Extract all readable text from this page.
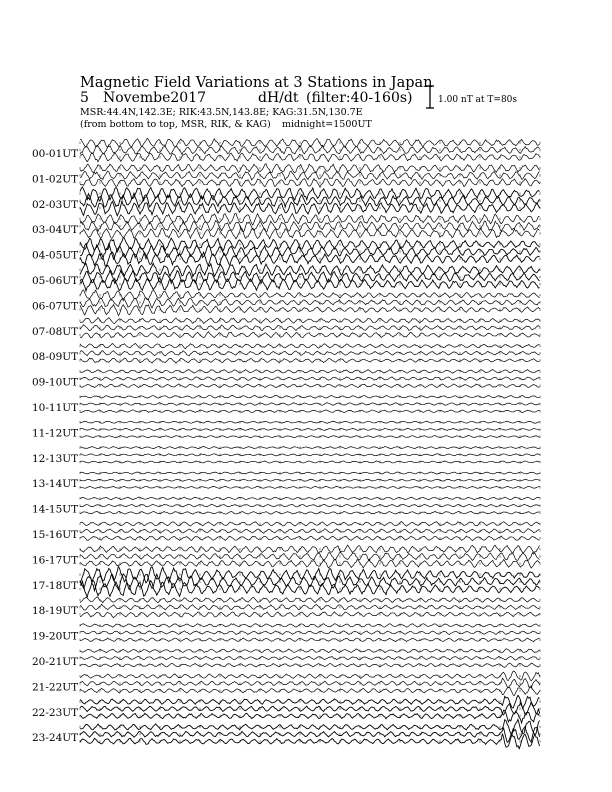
Magnetic Field Variations at 3 Stations in Japan
5 Novembe2017	dH/dt (filter:40-160s)
MSR:44.4N,142.3E; RIK:43.5N,143.8E; KAG:31.5N,130.7E
(from bottom to top, MSR, RIK, & KAG) midnight=1500UT
1.00 nT at T=80s
00-01UT
01-02UT
02-03UT
03-04UT
04-05UT
05-06UT
06-07UT
07-08UT
08-09UT
09-10UT
10-11UT
11-12UT
12-13UT
13-14UT
14-15UT
15-16UT
16-17UT
17-18UT
18-19UT
19-20UT
20-21UT
21-22UT
22-23UT
23-24UT
